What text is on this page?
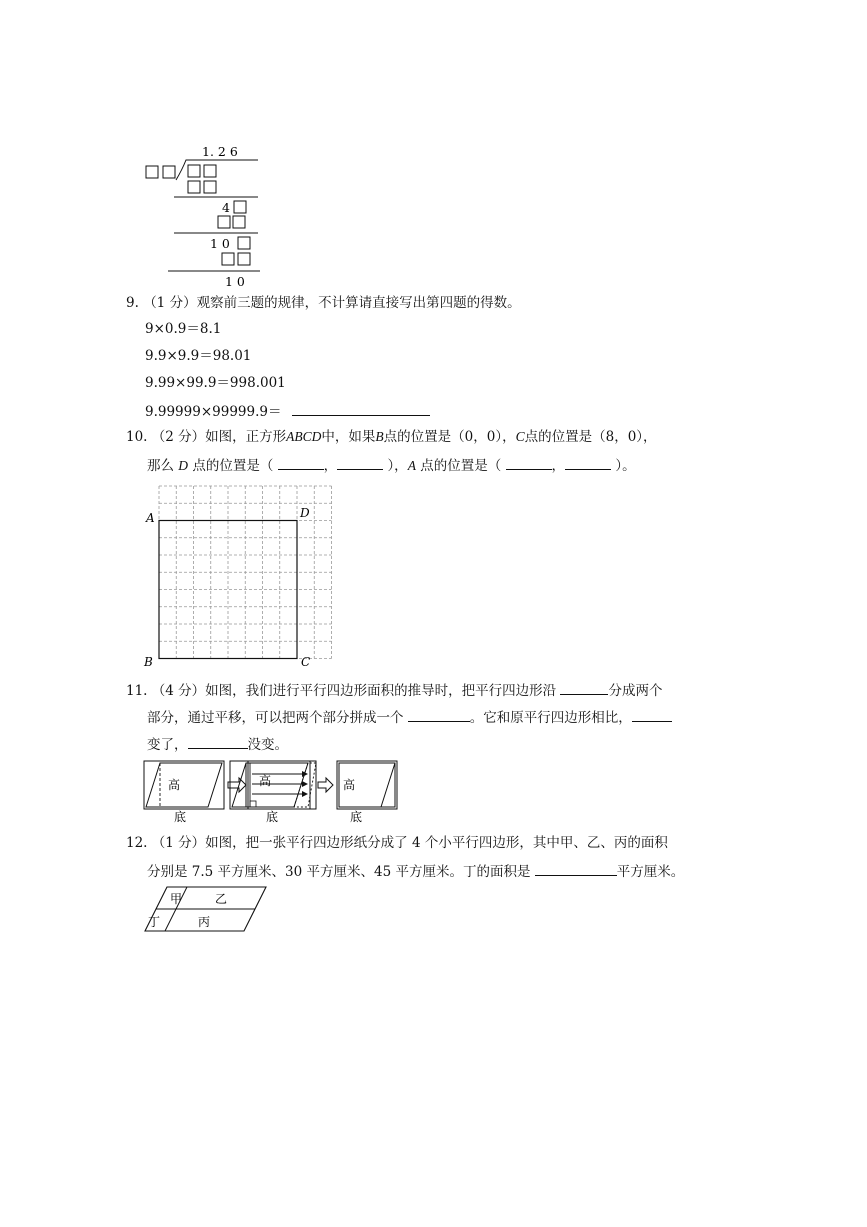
1. 2 6
4
1 0
1 0
9. （1 分）观察前三题的规律，不计算请直接写出第四题的得数。
9×0.9＝8.1
9.9×9.9＝98.01
9.99×99.9＝998.001
9.99999×99999.9＝
10. （2 分）如图，正方形ABCD中，如果B点的位置是（0，0），C点的位置是（8，0），
那么 D 点的位置是（	，	），A 点的位置是（	，	）。
A	D
B	C
11. （4 分）如图，我们进行平行四边形面积的推导时，把平行四边形沿	分成两个
部分，通过平移，可以把两个部分拼成一个	。它和原平行四边形相比，
变了，	没变。
高
底
高
底
高
底
12. （1 分）如图，把一张平行四边形纸分成了 4 个小平行四边形，其中甲、乙、丙的面积
分别是 7.5 平方厘米、30 平方厘米、45 平方厘米。丁的面积是	平方厘米。
甲	乙
丁	丙
